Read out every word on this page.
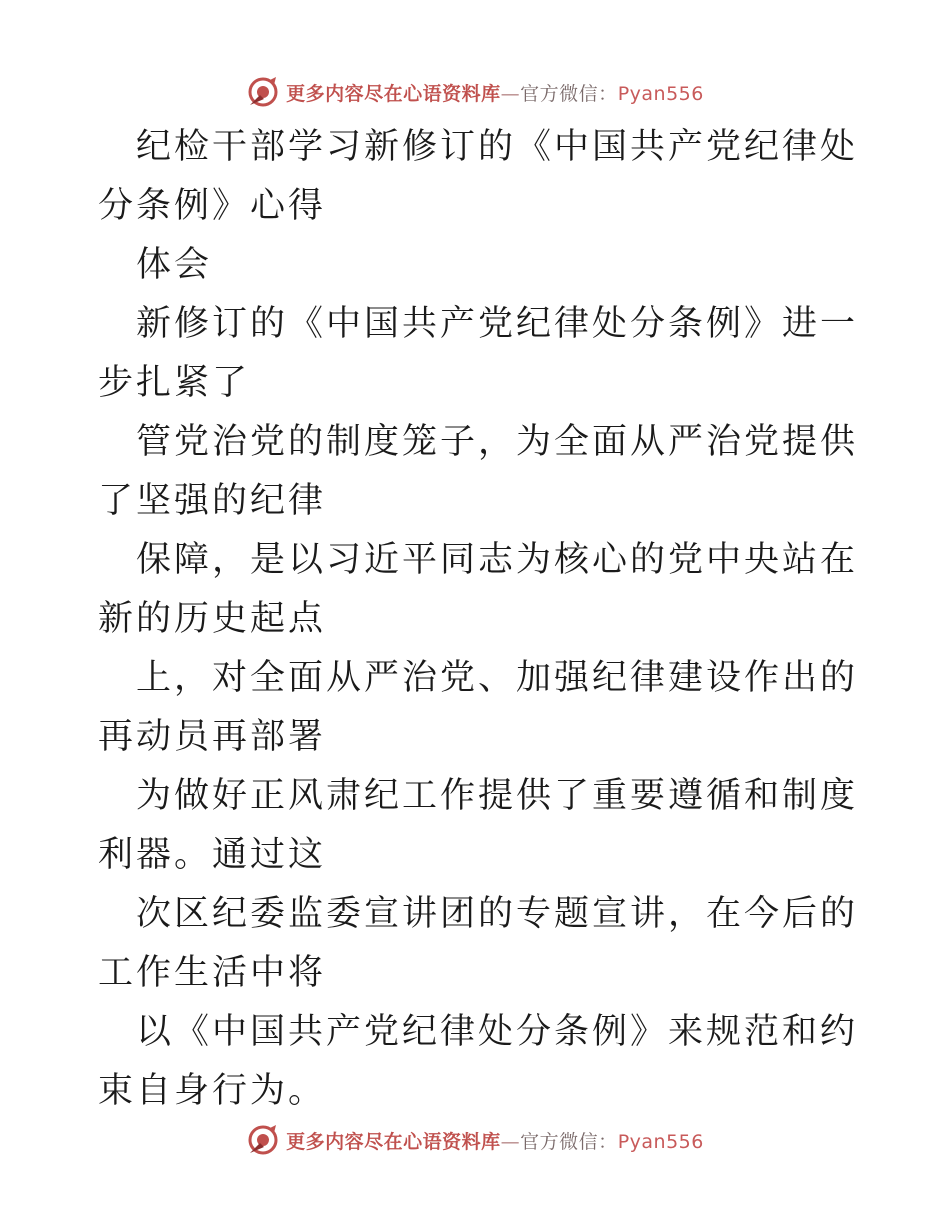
更多内容尽在心语资料库—官方微信：Pyan556

纪检干部学习新修订的《中国共产党纪律处分条例》心得

体会

新修订的《中国共产党纪律处分条例》进一步扎紧了

管党治党的制度笼子，为全面从严治党提供了坚强的纪律

保障，是以习近平同志为核心的党中央站在新的历史起点

上，对全面从严治党、加强纪律建设作出的再动员再部署

为做好正风肃纪工作提供了重要遵循和制度利器。通过这

次区纪委监委宣讲团的专题宣讲，在今后的工作生活中将

以《中国共产党纪律处分条例》来规范和约束自身行为。

更多内容尽在心语资料库—官方微信：Pyan556
